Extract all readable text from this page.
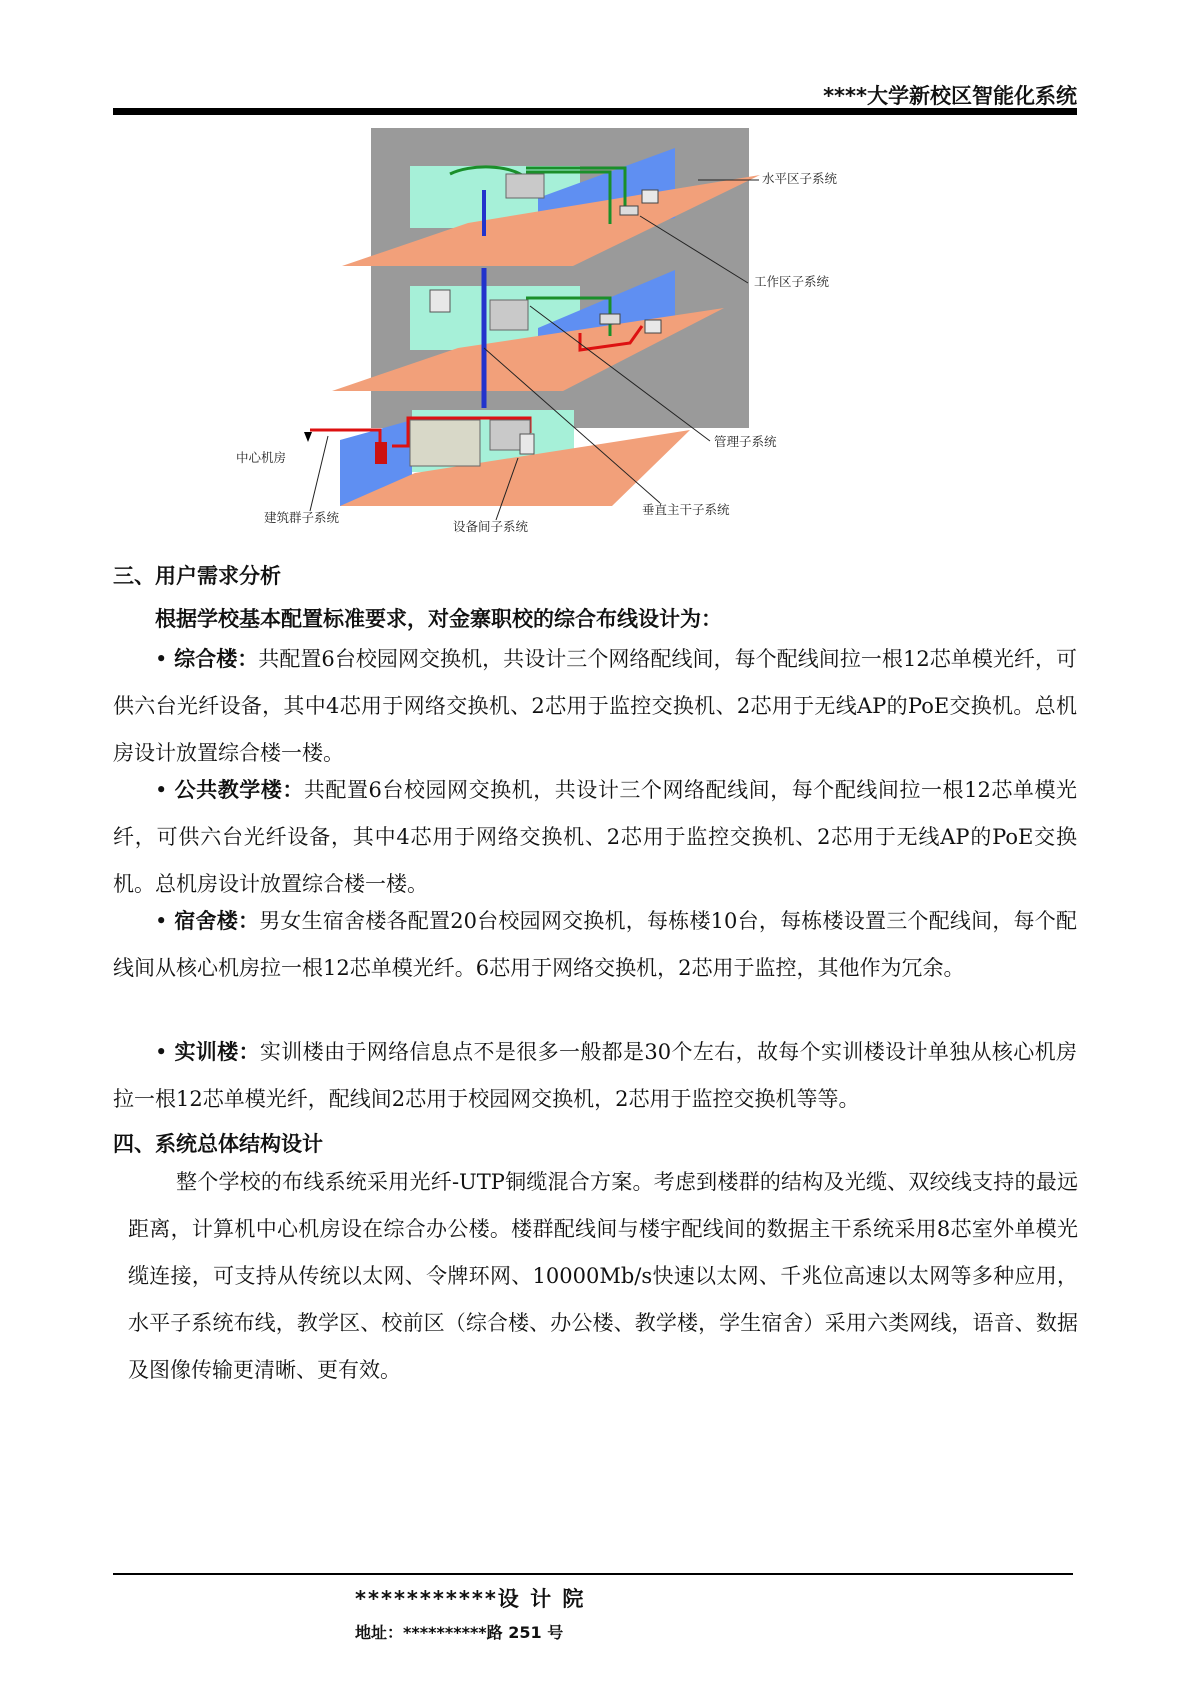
****大学新校区智能化系统
水平区子系统
工作区子系统
管理子系统
垂直主干子系统
设备间子系统
建筑群子系统
中心机房
三、用户需求分析
根据学校基本配置标准要求，对金寨职校的综合布线设计为：
• 综合楼：共配置6台校园网交换机，共设计三个网络配线间，每个配线间拉一根12芯单模光纤，可供六台光纤设备，其中4芯用于网络交换机、2芯用于监控交换机、2芯用于无线AP的PoE交换机。总机房设计放置综合楼一楼。
• 公共教学楼：共配置6台校园网交换机，共设计三个网络配线间，每个配线间拉一根12芯单模光纤，可供六台光纤设备，其中4芯用于网络交换机、2芯用于监控交换机、2芯用于无线AP的PoE交换机。总机房设计放置综合楼一楼。
• 宿舍楼：男女生宿舍楼各配置20台校园网交换机，每栋楼10台，每栋楼设置三个配线间，每个配线间从核心机房拉一根12芯单模光纤。6芯用于网络交换机，2芯用于监控，其他作为冗余。
• 实训楼：实训楼由于网络信息点不是很多一般都是30个左右，故每个实训楼设计单独从核心机房拉一根12芯单模光纤，配线间2芯用于校园网交换机，2芯用于监控交换机等等。
四、系统总体结构设计
整个学校的布线系统采用光纤-UTP铜缆混合方案。考虑到楼群的结构及光缆、双绞线支持的最远距离，计算机中心机房设在综合办公楼。楼群配线间与楼宇配线间的数据主干系统采用8芯室外单模光缆连接，可支持从传统以太网、令牌环网、10000Mb/s快速以太网、千兆位高速以太网等多种应用，水平子系统布线，教学区、校前区（综合楼、办公楼、教学楼，学生宿舍）采用六类网线，语音、数据及图像传输更清晰、更有效。
***********设 计 院
地址：**********路 251 号
